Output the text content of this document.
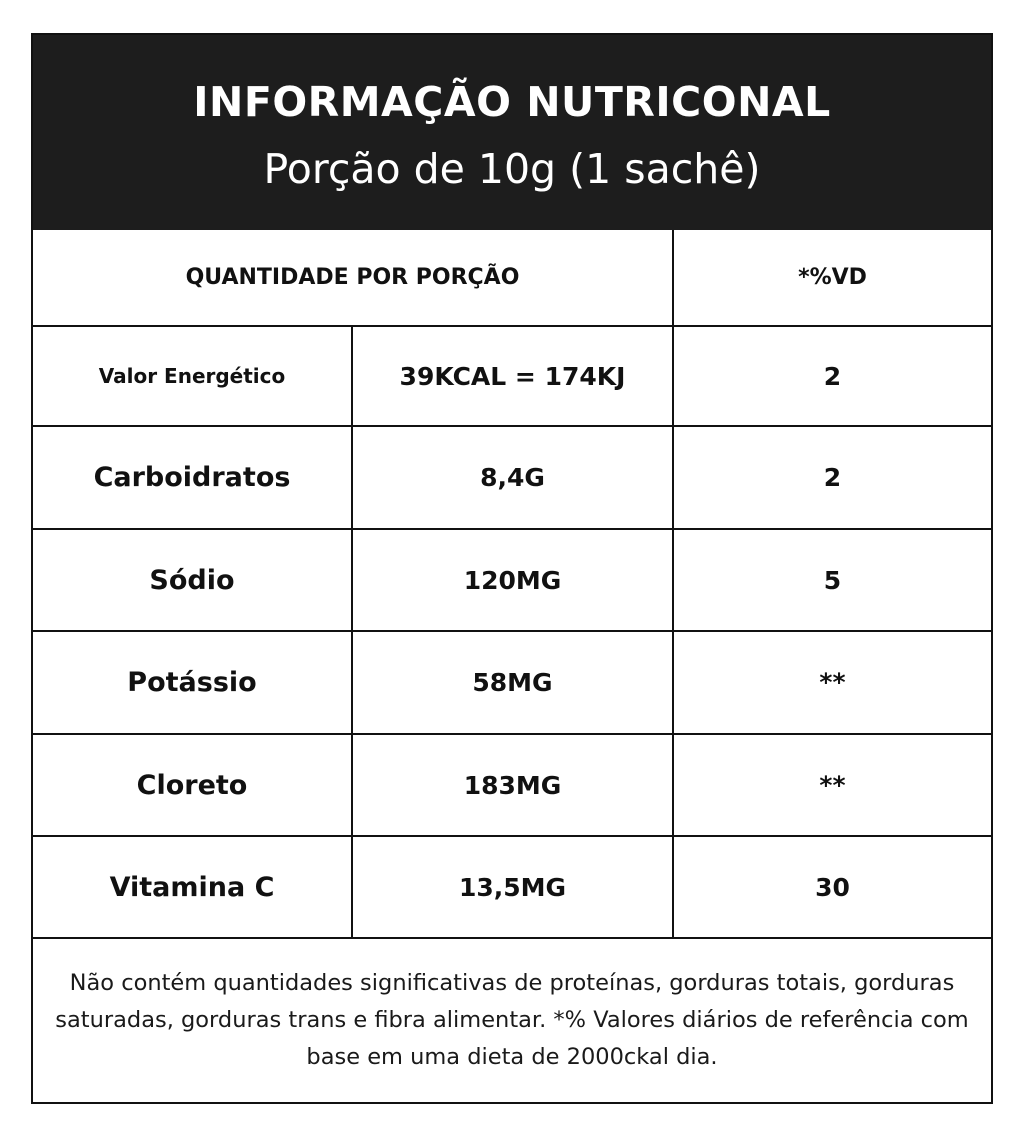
INFORMAÇÃO NUTRICONAL
Porção de 10g (1 sachê)
QUANTIDADE POR PORÇÃO	*%VD
Valor Energético	39KCAL = 174KJ	2
Carboidratos	8,4G	2
Sódio	120MG	5
Potássio	58MG	**
Cloreto	183MG	**
Vitamina C	13,5MG	30

Não contém quantidades significativas de proteínas, gorduras totais, gorduras saturadas, gorduras trans e fibra alimentar. *% Valores diários de referência com base em uma dieta de 2000ckal dia.
